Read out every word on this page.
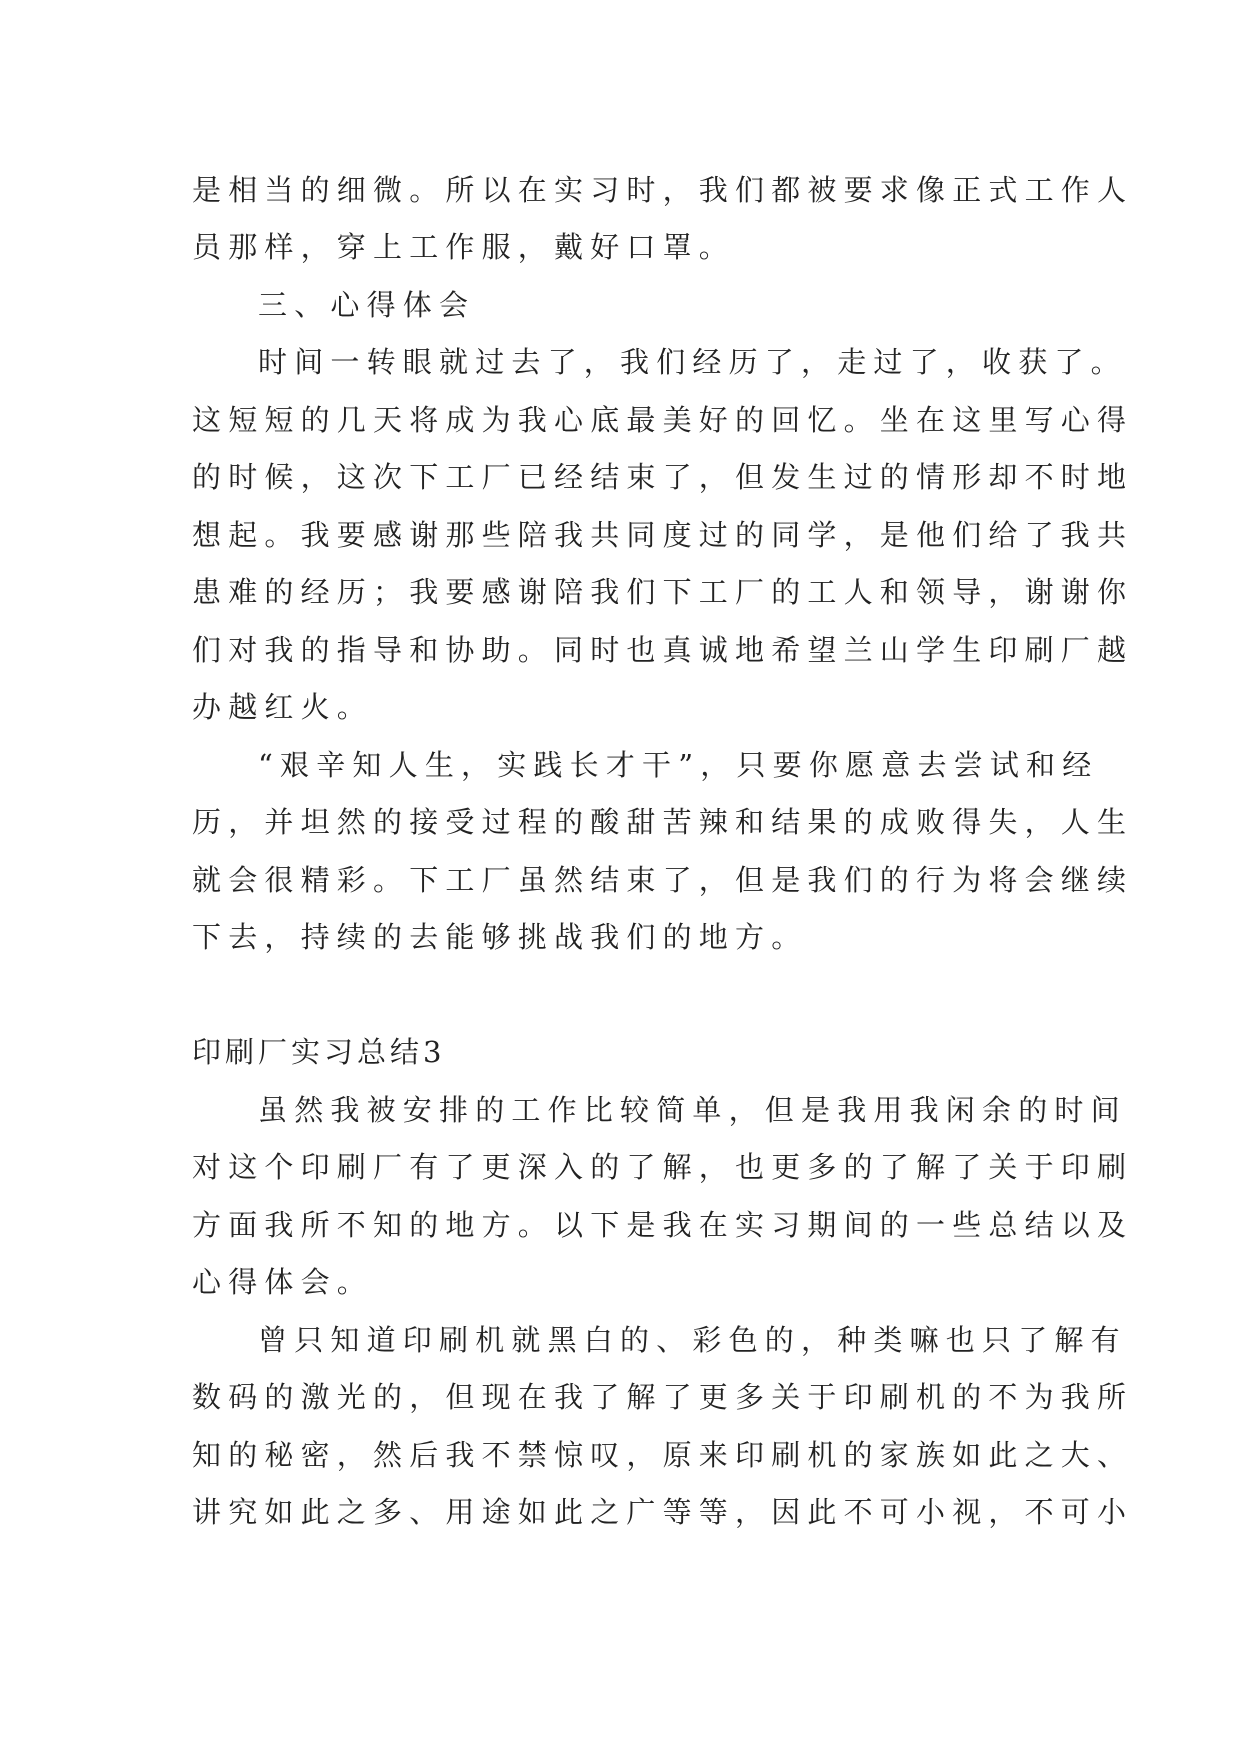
是相当的细微。所以在实习时，我们都被要求像正式工作人
员那样，穿上工作服，戴好口罩。
三、心得体会
时间一转眼就过去了，我们经历了，走过了，收获了。
这短短的几天将成为我心底最美好的回忆。坐在这里写心得
的时候，这次下工厂已经结束了，但发生过的情形却不时地
想起。我要感谢那些陪我共同度过的同学，是他们给了我共
患难的经历；我要感谢陪我们下工厂的工人和领导，谢谢你
们对我的指导和协助。同时也真诚地希望兰山学生印刷厂越
办越红火。
“艰辛知人生，实践长才干”，只要你愿意去尝试和经
历，并坦然的接受过程的酸甜苦辣和结果的成败得失，人生
就会很精彩。下工厂虽然结束了，但是我们的行为将会继续
下去，持续的去能够挑战我们的地方。
印刷厂实习总结3
虽然我被安排的工作比较简单，但是我用我闲余的时间
对这个印刷厂有了更深入的了解，也更多的了解了关于印刷
方面我所不知的地方。以下是我在实习期间的一些总结以及
心得体会。
曾只知道印刷机就黑白的、彩色的，种类嘛也只了解有
数码的激光的，但现在我了解了更多关于印刷机的不为我所
知的秘密，然后我不禁惊叹，原来印刷机的家族如此之大、
讲究如此之多、用途如此之广等等，因此不可小视，不可小
